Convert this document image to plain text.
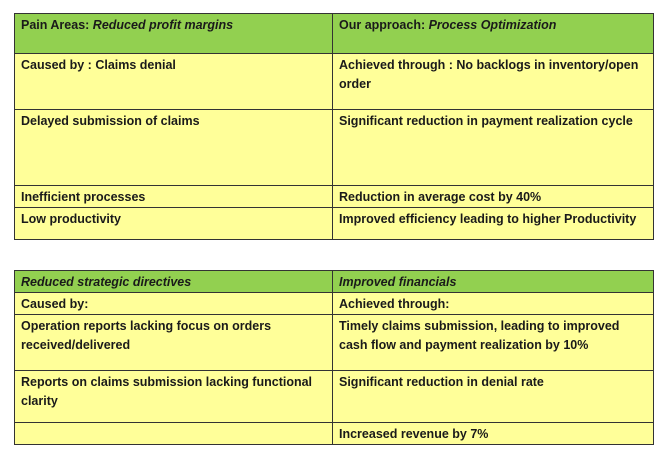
Pain Areas: Reduced profit margins	Our approach: Process Optimization
Caused by : Claims denial	Achieved through : No backlogs in inventory/open order
Delayed submission of claims	Significant reduction in payment realization cycle
Inefficient processes	Reduction in average cost by 40%
Low productivity	Improved efficiency leading to higher Productivity
Reduced strategic directives	Improved financials
Caused by:	Achieved through:
Operation reports lacking focus on orders received/delivered	Timely claims submission, leading to improved cash flow and payment realization by 10%
Reports on claims submission lacking functional clarity	Significant reduction in denial rate
	Increased revenue by 7%
